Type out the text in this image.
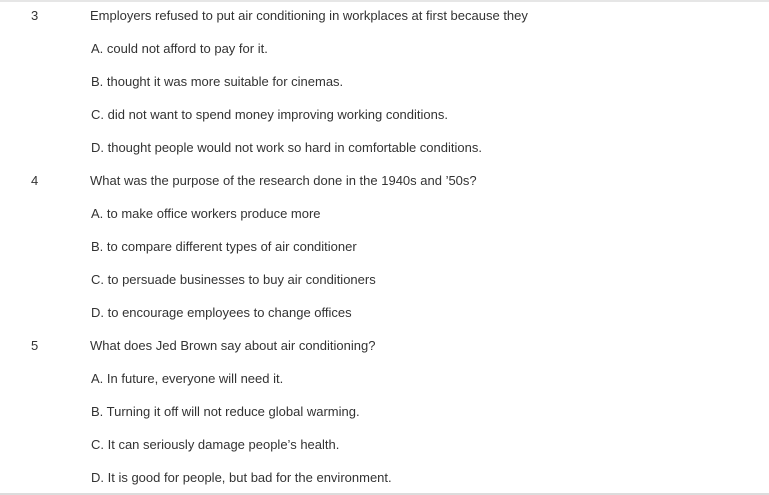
3	Employers refused to put air conditioning in workplaces at first because they
A. could not afford to pay for it.
B. thought it was more suitable for cinemas.
C. did not want to spend money improving working conditions.
D. thought people would not work so hard in comfortable conditions.
4	What was the purpose of the research done in the 1940s and ’50s?
A. to make office workers produce more
B. to compare different types of air conditioner
C. to persuade businesses to buy air conditioners
D. to encourage employees to change offices
5	What does Jed Brown say about air conditioning?
A. In future, everyone will need it.
B. Turning it off will not reduce global warming.
C. It can seriously damage people’s health.
D. It is good for people, but bad for the environment.
